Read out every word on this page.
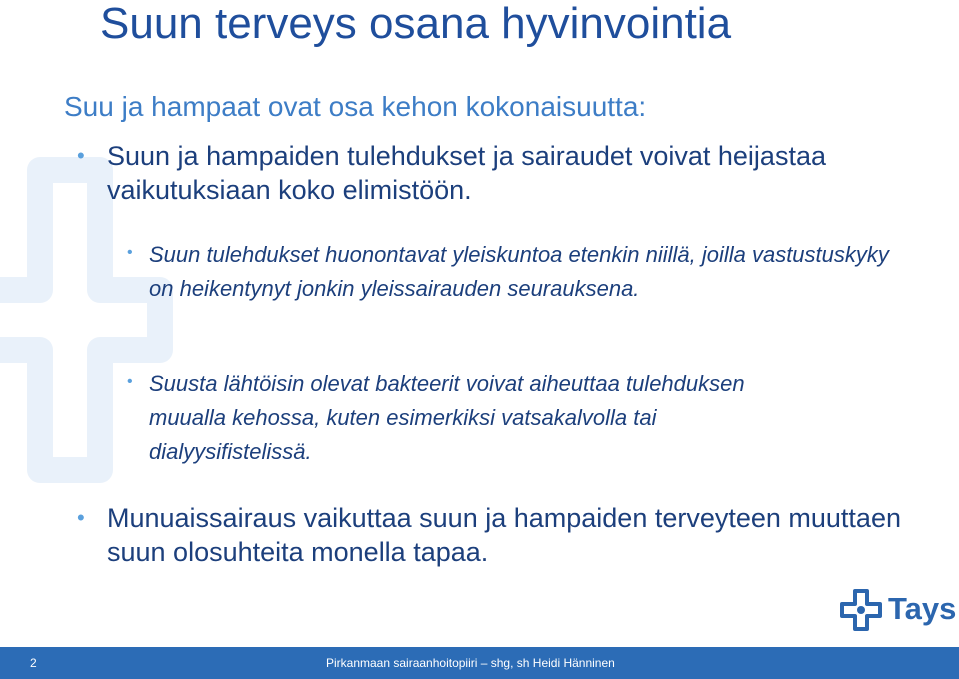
Suun terveys osana hyvinvointia
Suu ja hampaat ovat osa kehon kokonaisuutta:
• Suun ja hampaiden tulehdukset ja sairaudet voivat heijastaa vaikutuksiaan koko elimistöön.
• Suun tulehdukset huonontavat yleiskuntoa etenkin niillä, joilla vastustuskyky on heikentynyt jonkin yleissairauden seurauksena.
• Suusta lähtöisin olevat bakteerit voivat aiheuttaa tulehduksen muualla kehossa, kuten esimerkiksi vatsakalvolla tai dialyysifistelissä.
• Munuaissairaus vaikuttaa suun ja hampaiden terveyteen muuttaen suun olosuhteita monella tapaa.
Tays
2	Pirkanmaan sairaanhoitopiiri – shg, sh Heidi Hänninen
